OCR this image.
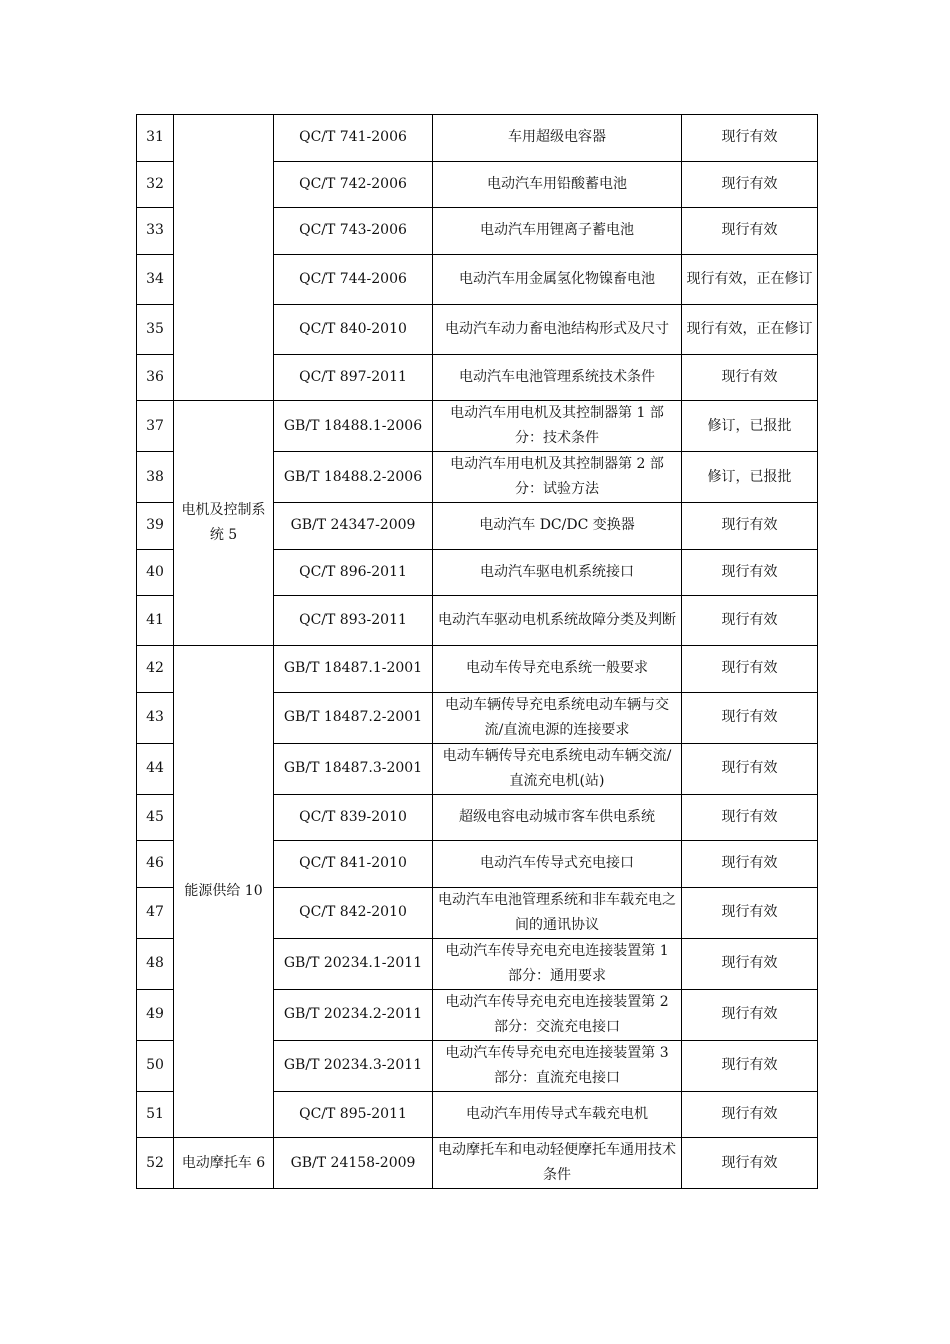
31		QC/T 741-2006	车用超级电容器	现行有效
32		QC/T 742-2006	电动汽车用铅酸蓄电池	现行有效
33		QC/T 743-2006	电动汽车用锂离子蓄电池	现行有效
34		QC/T 744-2006	电动汽车用金属氢化物镍畜电池	现行有效，正在修订
35		QC/T 840-2010	电动汽车动力畜电池结构形式及尺寸	现行有效，正在修订
36		QC/T 897-2011	电动汽车电池管理系统技术条件	现行有效
37	电机及控制系统 5	GB/T 18488.1-2006	电动汽车用电机及其控制器第 1 部分：技术条件	修订，已报批
38		GB/T 18488.2-2006	电动汽车用电机及其控制器第 2 部分：试验方法	修订，已报批
39		GB/T 24347-2009	电动汽车 DC/DC 变换器	现行有效
40		QC/T 896-2011	电动汽车驱电机系统接口	现行有效
41		QC/T 893-2011	电动汽车驱动电机系统故障分类及判断	现行有效
42	能源供给 10	GB/T 18487.1-2001	电动车传导充电系统一般要求	现行有效
43		GB/T 18487.2-2001	电动车辆传导充电系统电动车辆与交流/直流电源的连接要求	现行有效
44		GB/T 18487.3-2001	电动车辆传导充电系统电动车辆交流/直流充电机(站)	现行有效
45		QC/T 839-2010	超级电容电动城市客车供电系统	现行有效
46		QC/T 841-2010	电动汽车传导式充电接口	现行有效
47		QC/T 842-2010	电动汽车电池管理系统和非车载充电之间的通讯协议	现行有效
48		GB/T 20234.1-2011	电动汽车传导充电充电连接装置第 1 部分：通用要求	现行有效
49		GB/T 20234.2-2011	电动汽车传导充电充电连接装置第 2 部分：交流充电接口	现行有效
50		GB/T 20234.3-2011	电动汽车传导充电充电连接装置第 3 部分：直流充电接口	现行有效
51		QC/T 895-2011	电动汽车用传导式车载充电机	现行有效
52	电动摩托车 6	GB/T 24158-2009	电动摩托车和电动轻便摩托车通用技术条件	现行有效
